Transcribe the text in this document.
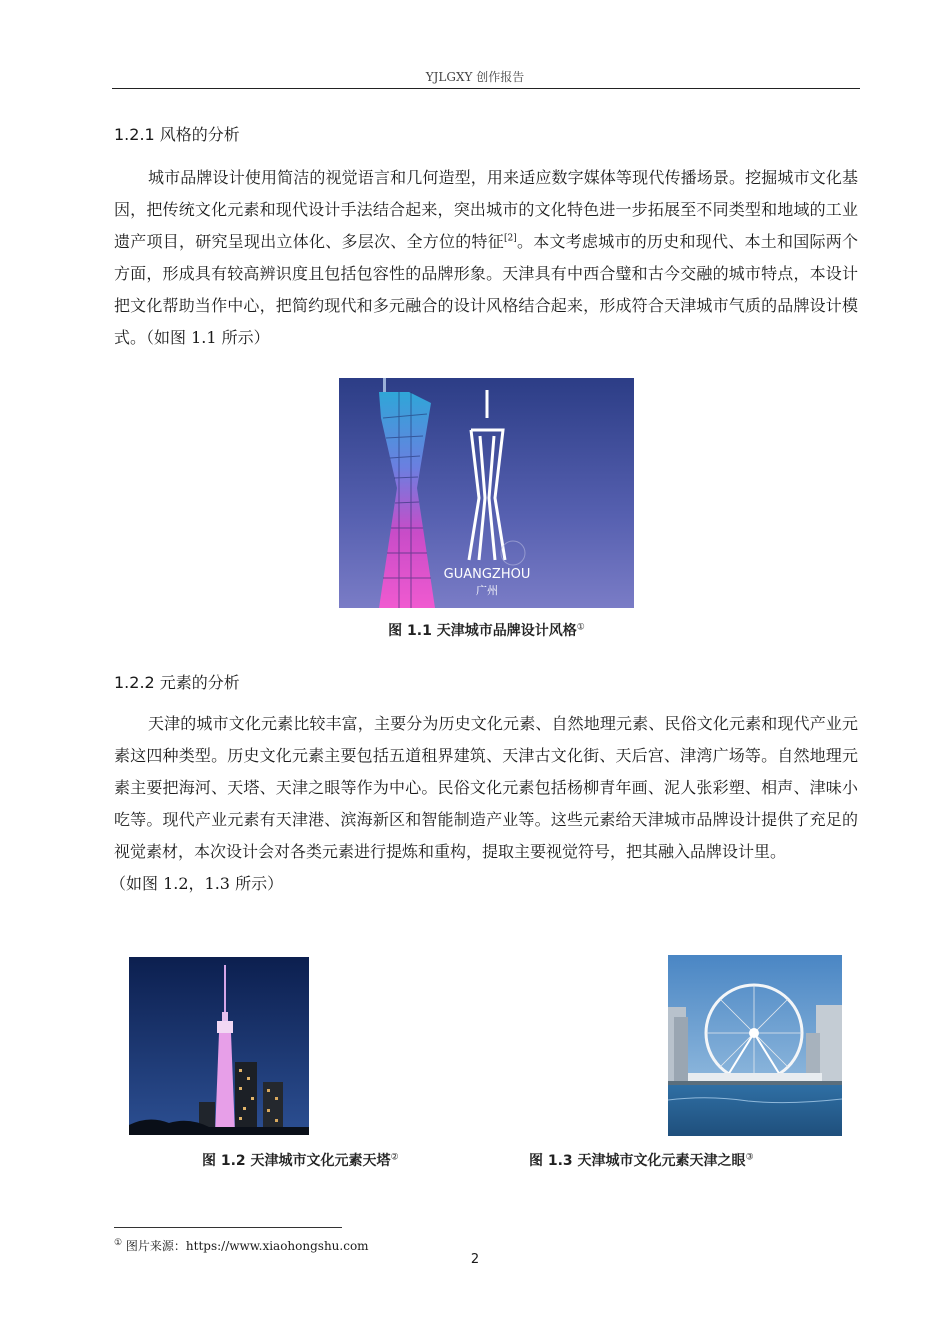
YJLGXY 创作报告
1.2.1 风格的分析

城市品牌设计使用简洁的视觉语言和几何造型，用来适应数字媒体等现代传播场景。挖掘城市文化基因，把传统文化元素和现代设计手法结合起来，突出城市的文化特色进一步拓展至不同类型和地域的工业遗产项目，研究呈现出立体化、多层次、全方位的特征[2]。本文考虑城市的历史和现代、本土和国际两个方面，形成具有较高辨识度且包括包容性的品牌形象。天津具有中西合璧和古今交融的城市特点，本设计把文化帮助当作中心，把简约现代和多元融合的设计风格结合起来，形成符合天津城市气质的品牌设计模式。（如图 1.1 所示）

GUANGZHOU
广州
图 1.1 天津城市品牌设计风格①
1.2.2 元素的分析

天津的城市文化元素比较丰富，主要分为历史文化元素、自然地理元素、民俗文化元素和现代产业元素这四种类型。历史文化元素主要包括五道租界建筑、天津古文化街、天后宫、津湾广场等。自然地理元素主要把海河、天塔、天津之眼等作为中心。民俗文化元素包括杨柳青年画、泥人张彩塑、相声、津味小吃等。现代产业元素有天津港、滨海新区和智能制造产业等。这些元素给天津城市品牌设计提供了充足的视觉素材，本次设计会对各类元素进行提炼和重构，提取主要视觉符号，把其融入品牌设计里。

（如图 1.2，1.3 所示）

图 1.2 天津城市文化元素天塔②	图 1.3 天津城市文化元素天津之眼③
① 图片来源：https://www.xiaohongshu.com
2
